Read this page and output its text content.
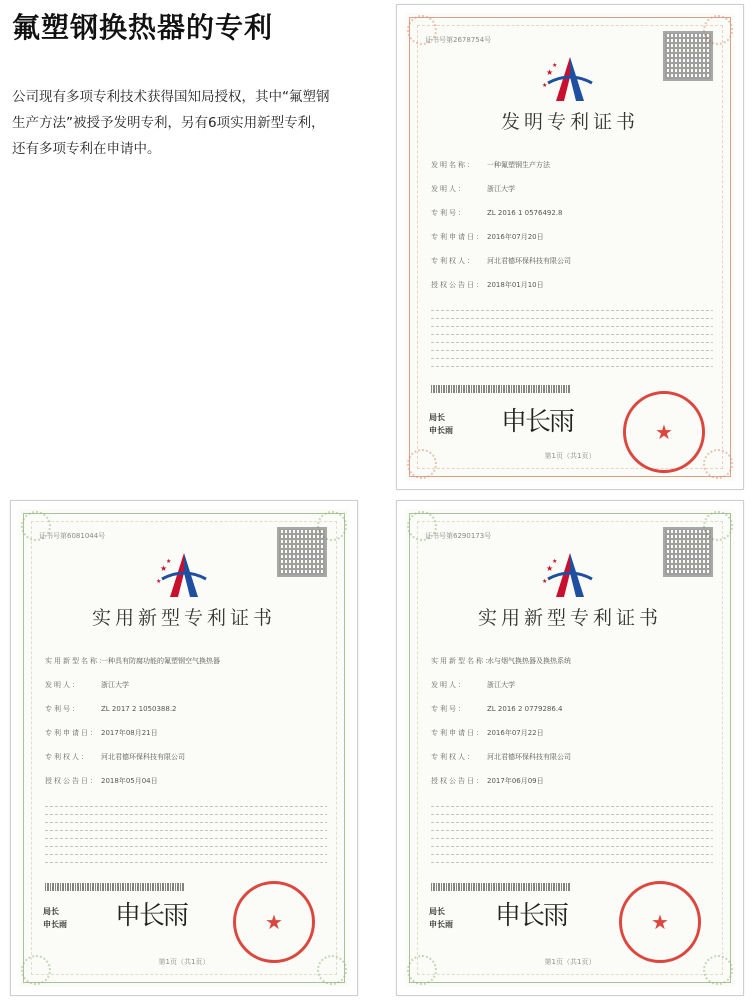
氟塑钢换热器的专利

公司现有多项专利技术获得国知局授权，其中“氟塑钢

生产方法”被授予发明专利，另有6项实用新型专利，

还有多项专利在申请中。

证书号第2678754号
★
★
★
发明专利证书
发明名称：	一种氟塑钢生产方法
发明人：	浙江大学
专利号：	ZL 2016 1 0576492.8
专利申请日： 2016年07月20日
专利权人：	河北君德环保科技有限公司
授权公告日： 2018年01月10日
局长
申长雨 申长雨	★
第1页（共1页）
证书号第6081044号
★
★
★
实用新型专利证书
实用新型名称：
一种具有防腐功能的氟塑钢空气换热器
发明人：	浙江大学
专利号：	ZL 2017 2 1050388.2
专利申请日： 2017年08月21日
专利权人：	河北君德环保科技有限公司
授权公告日： 2018年05月04日
局长
申长雨 申长雨	★
第1页（共1页）
证书号第6290173号
★
★
★
实用新型专利证书
实用新型名称：
水与烟气换热器及换热系统
发明人：	浙江大学
专利号：	ZL 2016 2 0779286.4
专利申请日： 2016年07月22日
专利权人：	河北君德环保科技有限公司
授权公告日： 2017年06月09日
局长
申长雨 申长雨	★
第1页（共1页）
